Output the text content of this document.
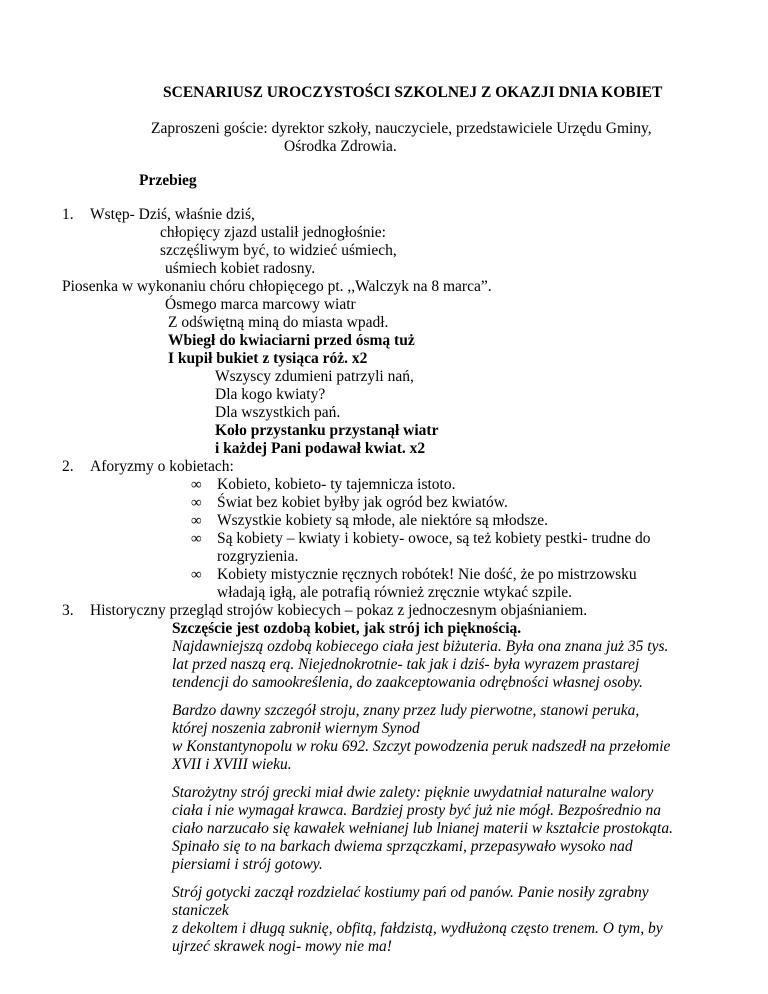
SCENARIUSZ UROCZYSTOŚCI SZKOLNEJ Z OKAZJI DNIA KOBIET
Zaproszeni goście: dyrektor szkoły, nauczyciele, przedstawiciele Urzędu Gminy,
Ośrodka Zdrowia.
Przebieg
1. Wstęp- Dziś, właśnie dziś,
chłopięcy zjazd ustalił jednogłośnie:
szczęśliwym być, to widzieć uśmiech,
uśmiech kobiet radosny.
Piosenka w wykonaniu chóru chłopięcego pt. ,,Walczyk na 8 marca”.
Ósmego marca marcowy wiatr
Z odświętną miną do miasta wpadł.
Wbiegł do kwiaciarni przed ósmą tuż
I kupił bukiet z tysiąca róż. x2
Wszyscy zdumieni patrzyli nań,
Dla kogo kwiaty?
Dla wszystkich pań.
Koło przystanku przystanął wiatr
i każdej Pani podawał kwiat. x2
2. Aforyzmy o kobietach:
∞ Kobieto, kobieto- ty tajemnicza istoto.
∞ Świat bez kobiet byłby jak ogród bez kwiatów.
∞ Wszystkie kobiety są młode, ale niektóre są młodsze.
∞ Są kobiety – kwiaty i kobiety- owoce, są też kobiety pestki- trudne do
rozgryzienia.
∞ Kobiety mistycznie ręcznych robótek! Nie dość, że po mistrzowsku
władają igłą, ale potrafią również zręcznie wtykać szpile.
3. Historyczny przegląd strojów kobiecych – pokaz z jednoczesnym objaśnianiem.
Szczęście jest ozdobą kobiet, jak strój ich pięknością.
Najdawniejszą ozdobą kobiecego ciała jest biżuteria. Była ona znana już 35 tys.
lat przed naszą erą. Niejednokrotnie- tak jak i dziś- była wyrazem prastarej
tendencji do samookreślenia, do zaakceptowania odrębności własnej osoby.
Bardzo dawny szczegół stroju, znany przez ludy pierwotne, stanowi peruka,
której noszenia zabronił wiernym Synod
w Konstantynopolu w roku 692. Szczyt powodzenia peruk nadszedł na przełomie
XVII i XVIII wieku.
Starożytny strój grecki miał dwie zalety: pięknie uwydatniał naturalne walory
ciała i nie wymagał krawca. Bardziej prosty być już nie mógł. Bezpośrednio na
ciało narzucało się kawałek wełnianej lub lnianej materii w kształcie prostokąta.
Spinało się to na barkach dwiema sprzączkami, przepasywało wysoko nad
piersiami i strój gotowy.
Strój gotycki zaczął rozdzielać kostiumy pań od panów. Panie nosiły zgrabny
staniczek
z dekoltem i długą suknię, obfitą, fałdzistą, wydłużoną często trenem. O tym, by
ujrzeć skrawek nogi- mowy nie ma!
